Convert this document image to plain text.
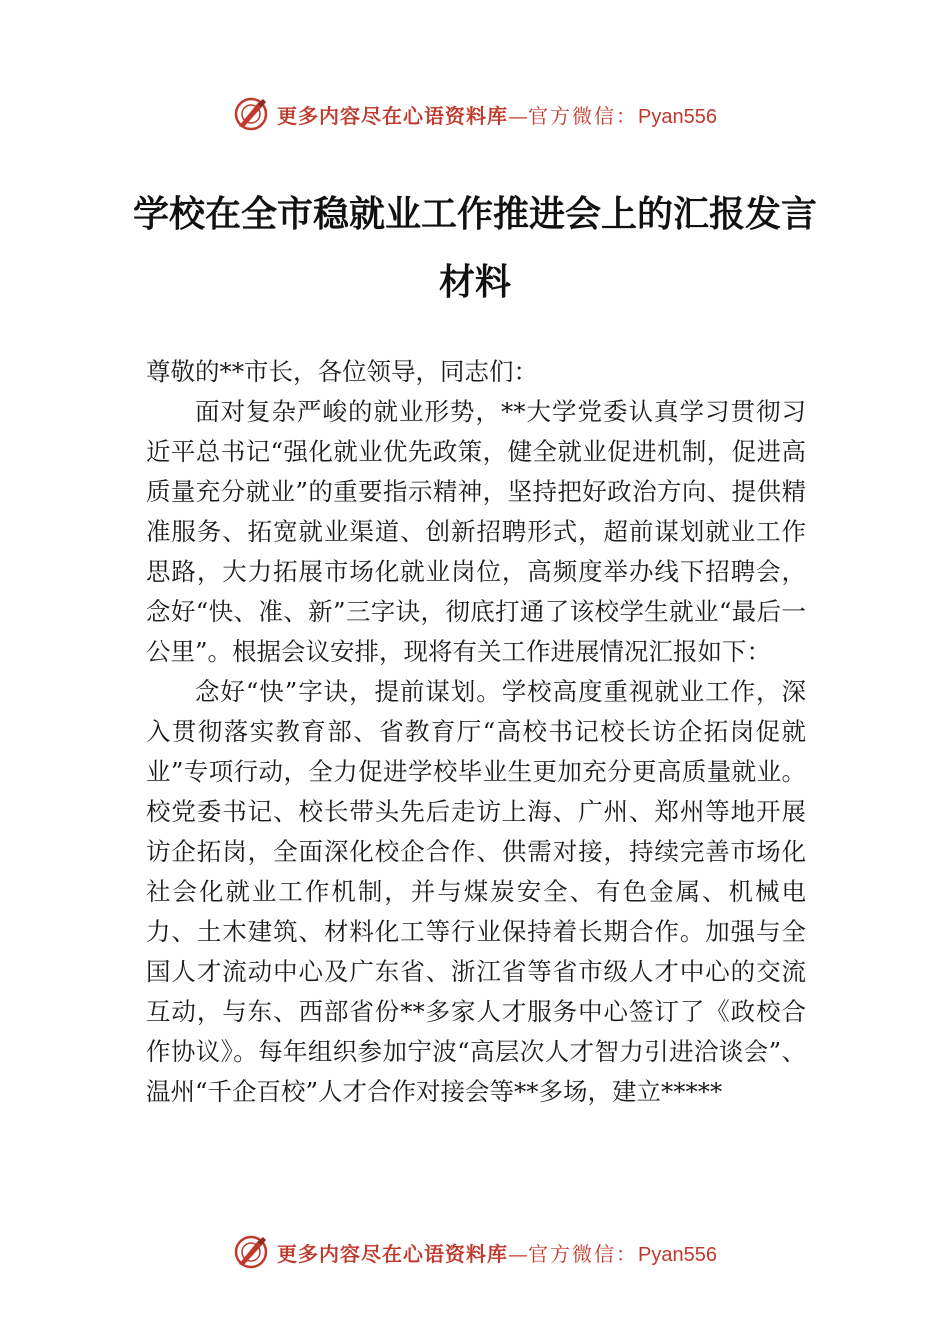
更多内容尽在心语资料库 — 官方微信： Pyan556
学校在全市稳就业工作推进会上的汇报发言材料

尊敬的**市长，各位领导，同志们：

面对复杂严峻的就业形势，**大学党委认真学习贯彻习近平总书记“强化就业优先政策，健全就业促进机制，促进高质量充分就业”的重要指示精神，坚持把好政治方向、提供精准服务、拓宽就业渠道、创新招聘形式，超前谋划就业工作思路，大力拓展市场化就业岗位，高频度举办线下招聘会，念好“快、准、新”三字诀，彻底打通了该校学生就业“最后一公里”。根据会议安排，现将有关工作进展情况汇报如下：

念好“快”字诀，提前谋划。学校高度重视就业工作，深入贯彻落实教育部、省教育厅“高校书记校长访企拓岗促就业”专项行动，全力促进学校毕业生更加充分更高质量就业。校党委书记、校长带头先后走访上海、广州、郑州等地开展访企拓岗，全面深化校企合作、供需对接，持续完善市场化社会化就业工作机制，并与煤炭安全、有色金属、机械电力、土木建筑、材料化工等行业保持着长期合作。加强与全国人才流动中心及广东省、浙江省等省市级人才中心的交流互动，与东、西部省份**多家人才服务中心签订了《政校合作协议》。每年组织参加宁波“高层次人才智力引进洽谈会”、温州“千企百校”人才合作对接会等**多场，建立*****

更多内容尽在心语资料库 — 官方微信： Pyan556
